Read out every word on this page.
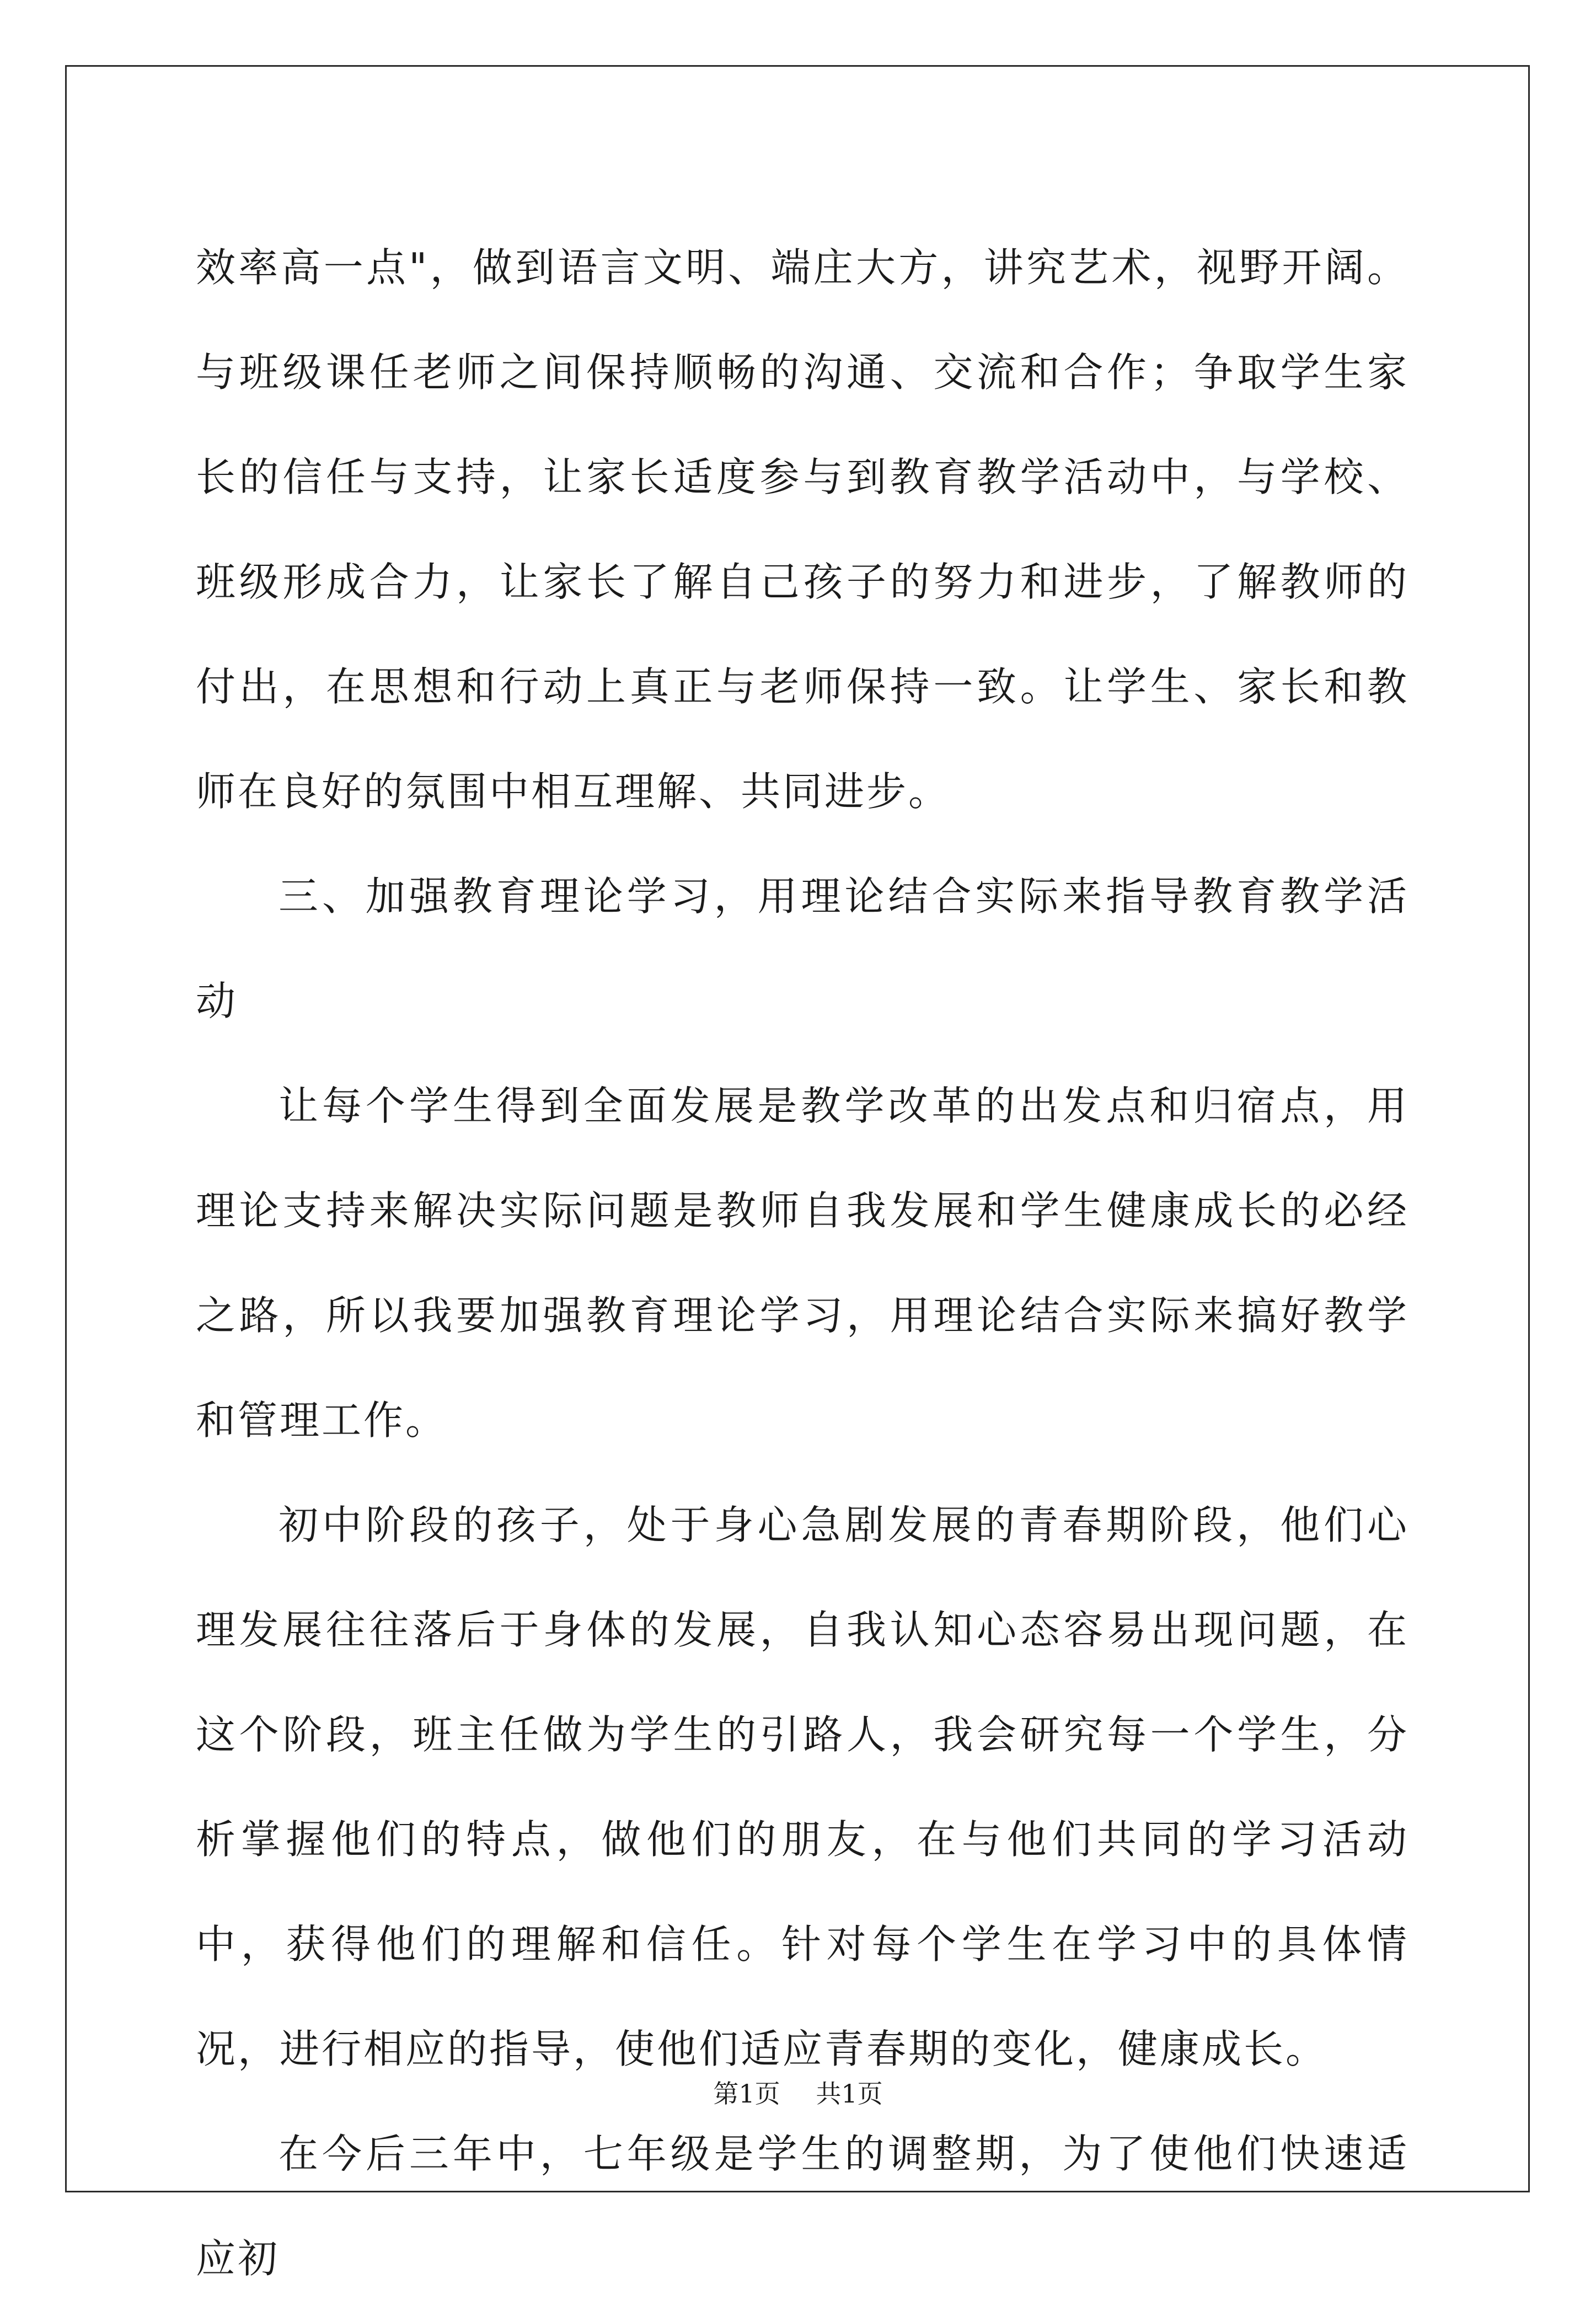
效率高一点"，做到语言文明、端庄大方，讲究艺术，视野开阔。与班级课任老师之间保持顺畅的沟通、交流和合作；争取学生家长的信任与支持，让家长适度参与到教育教学活动中，与学校、班级形成合力，让家长了解自己孩子的努力和进步，了解教师的付出，在思想和行动上真正与老师保持一致。让学生、家长和教师在良好的氛围中相互理解、共同进步。

三、加强教育理论学习，用理论结合实际来指导教育教学活动

让每个学生得到全面发展是教学改革的出发点和归宿点，用理论支持来解决实际问题是教师自我发展和学生健康成长的必经之路，所以我要加强教育理论学习，用理论结合实际来搞好教学和管理工作。

初中阶段的孩子，处于身心急剧发展的青春期阶段，他们心理发展往往落后于身体的发展，自我认知心态容易出现问题，在这个阶段，班主任做为学生的引路人，我会研究每一个学生，分析掌握他们的特点，做他们的朋友，在与他们共同的学习活动中，获得他们的理解和信任。针对每个学生在学习中的具体情况，进行相应的指导，使他们适应青春期的变化，健康成长。

在今后三年中，七年级是学生的调整期，为了使他们快速适应初

第1页 共1页
